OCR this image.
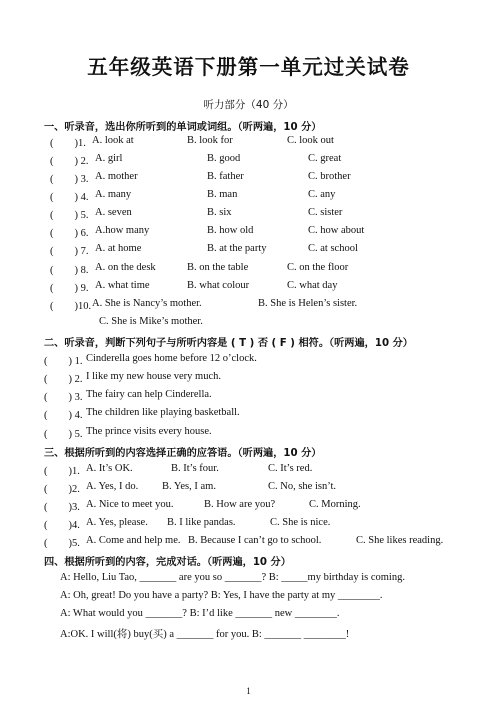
五年级英语下册第一单元过关试卷
听力部分（40 分）
一、听录音，选出你所听到的单词或词组。（听两遍，10 分）
(　　)1. A. look at	B. look for	C. look out
(　　) 2. A. girl	B. good	C. great
(　　) 3. A. mother	B. father	C. brother
(　　) 4. A. many	B. man	C. any
(　　) 5. A. seven	B. six	C. sister
(　　) 6. A.how many	B. how old	C. how about
(　　) 7. A. at home	B. at the party	C. at school
(　　) 8. A. on the desk	B. on the table	C. on the floor
(　　) 9. A. what time	B. what colour	C. what day
(　　)10. A. She is Nancy’s mother.	B. She is Helen’s sister.
C. She is Mike’s mother.
二、听录音，判断下列句子与所听内容是 ( T ) 否 ( F ) 相符。（听两遍，10 分）
(　　) 1. Cinderella goes home before 12 o’clock.
(　　) 2. I like my new house very much.
(　　) 3. The fairy can help Cinderella.
(　　) 4. The children like playing basketball.
(　　) 5. The prince visits every house.
三、根据所听到的内容选择正确的应答语。（听两遍，10 分）
(　　)1. A. It’s OK.	B. It’s four.	C. It’s red.
(　　)2. A. Yes, I do. B. Yes, I am.	C. No, she isn’t.
(　　)3. A. Nice to meet you.	B. How are you?	C. Morning.
(　　)4. A. Yes, please. B. I like pandas.	C. She is nice.
(　　)5. A. Come and help me. B. Because I can’t go to school.	C. She likes reading.
四、根据所听到的内容，完成对话。（听两遍，10 分）
A: Hello, Liu Tao, _______ are you so _______? B: _____my birthday is coming.
A: Oh, great! Do you have a party? B: Yes, I have the party at my ________.
A: What would you _______? B: I’d like _______ new ________.
A:OK. I will(将) buy(买) a _______ for you. B: _______ ________!
1
